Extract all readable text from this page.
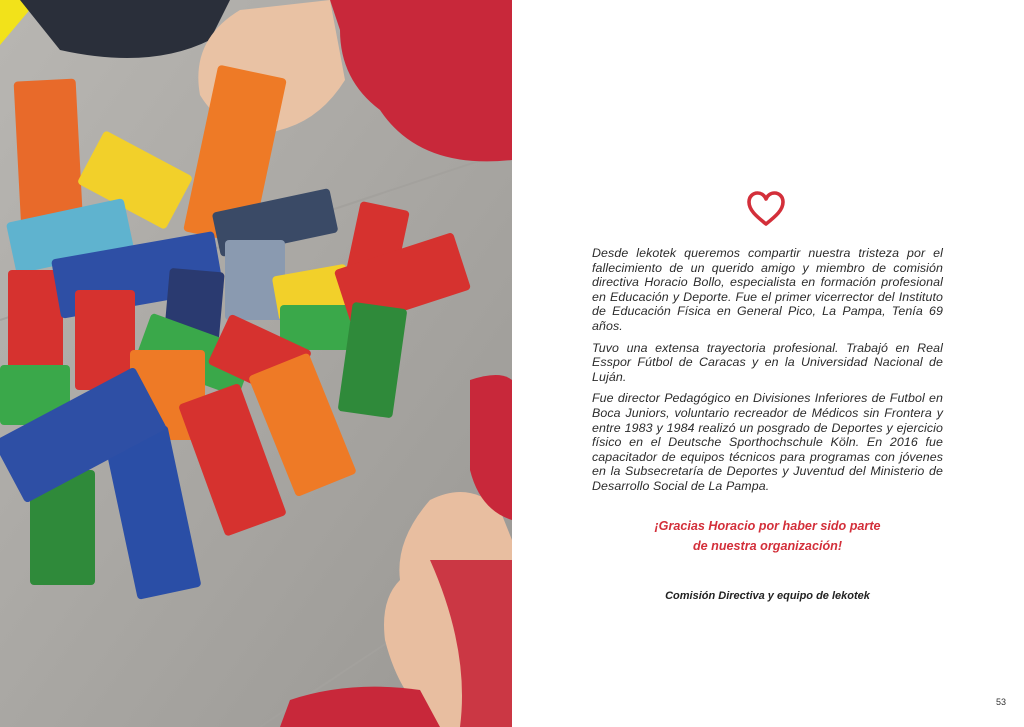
Desde lekotek queremos compartir nuestra tristeza por el fallecimiento de un querido amigo y miembro de comisión directiva Horacio Bollo, especialista en formación profesional en Educación y Deporte. Fue el primer vicerrector del Instituto de Educación Física en General Pico, La Pampa, Tenía 69 años.

Tuvo una extensa trayectoria profesional. Trabajó en Real Esspor Fútbol de Caracas y en la Universidad Nacional de Luján.

Fue director Pedagógico en Divisiones Inferiores de Futbol en Boca Juniors, voluntario recreador de Médicos sin Frontera y entre 1983 y 1984 realizó un posgrado de Deportes y ejercicio físico en el Deutsche Sporthochschule Köln. En 2016 fue capacitador de equipos técnicos para programas con jóvenes en la Subsecretaría de Deportes y Juventud del Ministerio de Desarrollo Social de La Pampa.

¡Gracias Horacio por haber sido parte
de nuestra organización!
Comisión Directiva y equipo de lekotek
53
